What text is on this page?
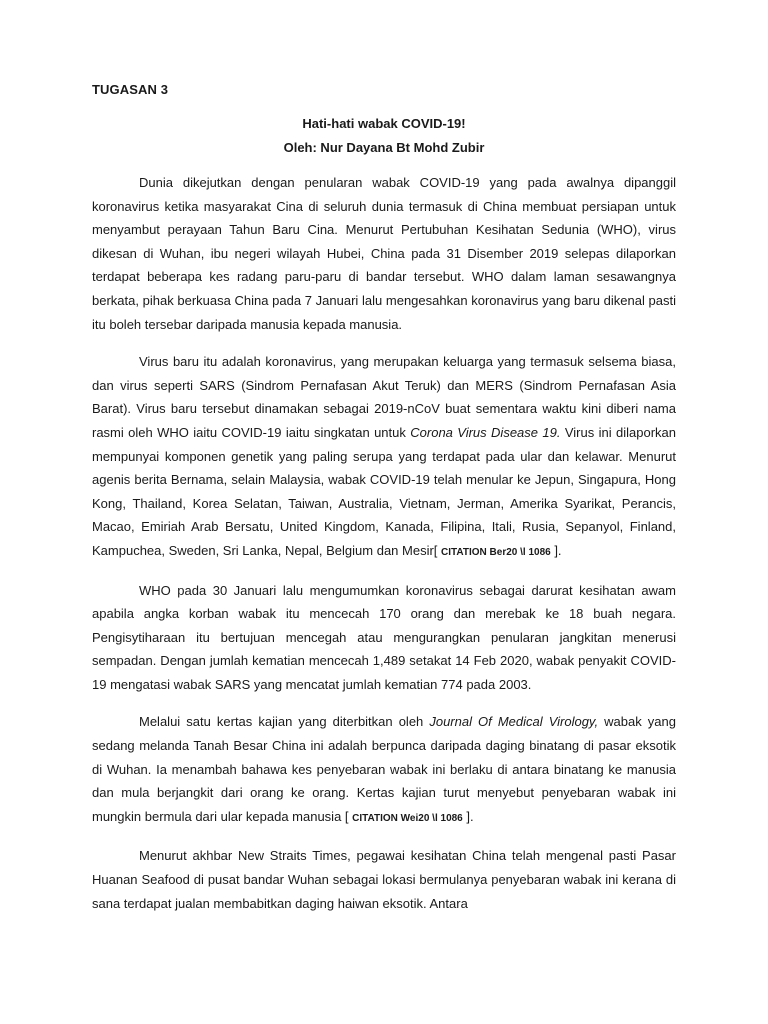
TUGASAN 3

Hati-hati wabak COVID-19!

Oleh: Nur Dayana Bt Mohd Zubir

Dunia dikejutkan dengan penularan wabak COVID-19 yang pada awalnya dipanggil koronavirus ketika masyarakat Cina di seluruh dunia termasuk di China membuat persiapan untuk menyambut perayaan Tahun Baru Cina. Menurut Pertubuhan Kesihatan Sedunia (WHO), virus dikesan di Wuhan, ibu negeri wilayah Hubei, China pada 31 Disember 2019 selepas dilaporkan terdapat beberapa kes radang paru-paru di bandar tersebut. WHO dalam laman sesawangnya berkata, pihak berkuasa China pada 7 Januari lalu mengesahkan koronavirus yang baru dikenal pasti itu boleh tersebar daripada manusia kepada manusia.

Virus baru itu adalah koronavirus, yang merupakan keluarga yang termasuk selsema biasa, dan virus seperti SARS (Sindrom Pernafasan Akut Teruk) dan MERS (Sindrom Pernafasan Asia Barat). Virus baru tersebut dinamakan sebagai 2019-nCoV buat sementara waktu kini diberi nama rasmi oleh WHO iaitu COVID-19 iaitu singkatan untuk Corona Virus Disease 19. Virus ini dilaporkan mempunyai komponen genetik yang paling serupa yang terdapat pada ular dan kelawar. Menurut agenis berita Bernama, selain Malaysia, wabak COVID-19 telah menular ke Jepun, Singapura, Hong Kong, Thailand, Korea Selatan, Taiwan, Australia, Vietnam, Jerman, Amerika Syarikat, Perancis, Macao, Emiriah Arab Bersatu, United Kingdom, Kanada, Filipina, Itali, Rusia, Sepanyol, Finland, Kampuchea, Sweden, Sri Lanka, Nepal, Belgium dan Mesir[ CITATION Ber20 \l 1086 ].

WHO pada 30 Januari lalu mengumumkan koronavirus sebagai darurat kesihatan awam apabila angka korban wabak itu mencecah 170 orang dan merebak ke 18 buah negara. Pengisytiharaan itu bertujuan mencegah atau mengurangkan penularan jangkitan menerusi sempadan. Dengan jumlah kematian mencecah 1,489 setakat 14 Feb 2020, wabak penyakit COVID-19 mengatasi wabak SARS yang mencatat jumlah kematian 774 pada 2003.

Melalui satu kertas kajian yang diterbitkan oleh Journal Of Medical Virology, wabak yang sedang melanda Tanah Besar China ini adalah berpunca daripada daging binatang di pasar eksotik di Wuhan. Ia menambah bahawa kes penyebaran wabak ini berlaku di antara binatang ke manusia dan mula berjangkit dari orang ke orang. Kertas kajian turut menyebut penyebaran wabak ini mungkin bermula dari ular kepada manusia [ CITATION Wei20 \l 1086 ].

Menurut akhbar New Straits Times, pegawai kesihatan China telah mengenal pasti Pasar Huanan Seafood di pusat bandar Wuhan sebagai lokasi bermulanya penyebaran wabak ini kerana di sana terdapat jualan membabitkan daging haiwan eksotik. Antara
